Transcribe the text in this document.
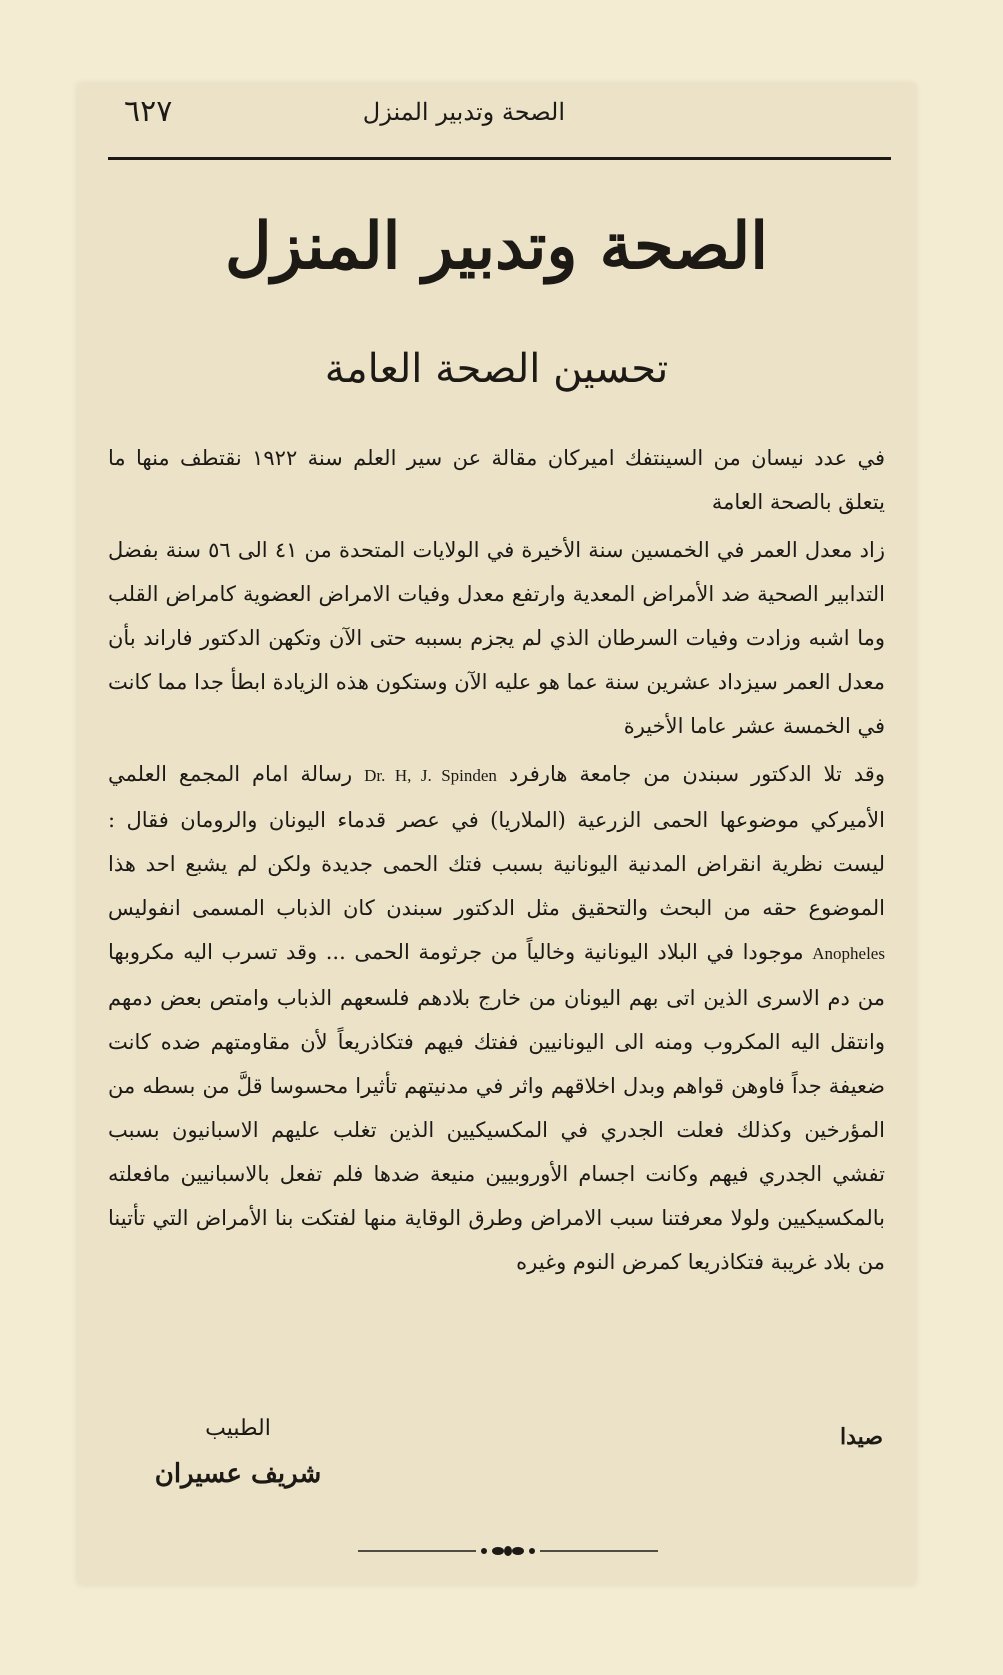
الصحة وتدبير المنزل
٦٢٧
الصحة وتدبير المنزل
تحسين الصحة العامة

في عدد نيسان من السينتفك اميركان مقالة عن سير العلم سنة ١٩٢٢ نقتطف منها ما يتعلق بالصحة العامة

زاد معدل العمر في الخمسين سنة الأخيرة في الولايات المتحدة من ٤١ الى ٥٦ سنة بفضل التدابير الصحية ضد الأمراض المعدية وارتفع معدل وفيات الامراض العضوية كامراض القلب وما اشبه وزادت وفيات السرطان الذي لم يجزم بسببه حتى الآن وتكهن الدكتور فاراند بأن معدل العمر سيزداد عشرين سنة عما هو عليه الآن وستكون هذه الزيادة ابطأ جدا مما كانت في الخمسة عشر عاما الأخيرة

وقد تلا الدكتور سبندن من جامعة هارفرد Dr. H, J. Spinden رسالة امام المجمع العلمي الأميركي موضوعها الحمى الزرعية (الملاريا) في عصر قدماء اليونان والرومان فقال : ليست نظرية انقراض المدنية اليونانية بسبب فتك الحمى جديدة ولكن لم يشبع احد هذا الموضوع حقه من البحث والتحقيق مثل الدكتور سبندن كان الذباب المسمى انفوليس Anopheles موجودا في البلاد اليونانية وخالياً من جرثومة الحمى ... وقد تسرب اليه مكروبها من دم الاسرى الذين اتى بهم اليونان من خارج بلادهم فلسعهم الذباب وامتص بعض دمهم وانتقل اليه المكروب ومنه الى اليونانيين ففتك فيهم فتكاذريعاً لأن مقاومتهم ضده كانت ضعيفة جداً فاوهن قواهم وبدل اخلاقهم واثر في مدنيتهم تأثيرا محسوسا قلَّ من بسطه من المؤرخين وكذلك فعلت الجدري في المكسيكيين الذين تغلب عليهم الاسبانيون بسبب تفشي الجدري فيهم وكانت اجسام الأوروبيين منيعة ضدها فلم تفعل بالاسبانيين مافعلته بالمكسيكيين ولولا معرفتنا سبب الامراض وطرق الوقاية منها لفتكت بنا الأمراض التي تأتينا من بلاد غريبة فتكاذريعا كمرض النوم وغيره

الطبيب
شريف عسيران
صيدا
